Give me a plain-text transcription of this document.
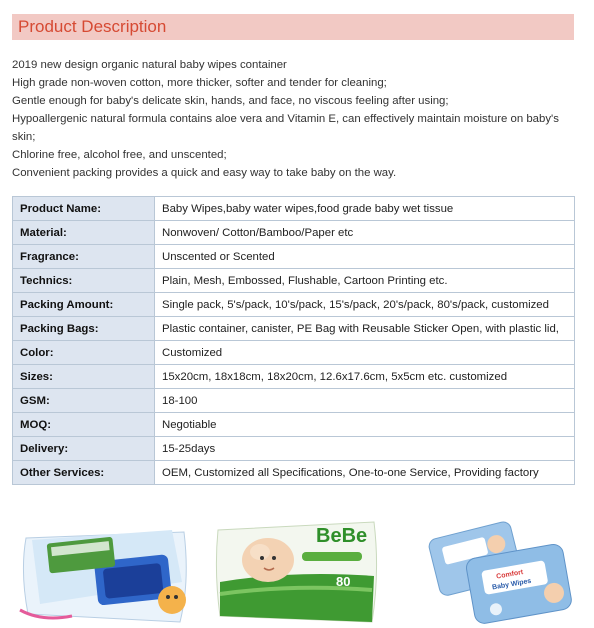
Product Description
2019 new design organic natural baby wipes container
High grade non-woven cotton, more thicker, softer and tender for cleaning;
Gentle enough for baby's delicate skin, hands, and face, no viscous feeling after using;
Hypoallergenic natural formula contains aloe vera and Vitamin E, can effectively maintain moisture on baby's skin;
Chlorine free, alcohol free, and unscented;
Convenient packing provides a quick and easy way to take baby on the way.
Product Name:	Baby Wipes,baby water wipes,food grade baby wet tissue
Material:	Nonwoven/ Cotton/Bamboo/Paper etc
Fragrance:	Unscented or Scented
Technics:	Plain, Mesh, Embossed, Flushable, Cartoon Printing etc.
Packing Amount:	Single pack, 5's/pack, 10's/pack, 15's/pack, 20's/pack, 80's/pack, customized
Packing Bags:	Plastic container, canister, PE Bag with Reusable Sticker Open, with plastic lid,
Color:	Customized
Sizes:	15x20cm, 18x18cm, 18x20cm, 12.6x17.6cm, 5x5cm etc. customized
GSM:	18-100
MOQ:	Negotiable
Delivery:	15-25days
Other Services:	OEM, Customized all Specifications, One-to-one Service, Providing factory
BeBe
80	Comfort
Baby Wipes
